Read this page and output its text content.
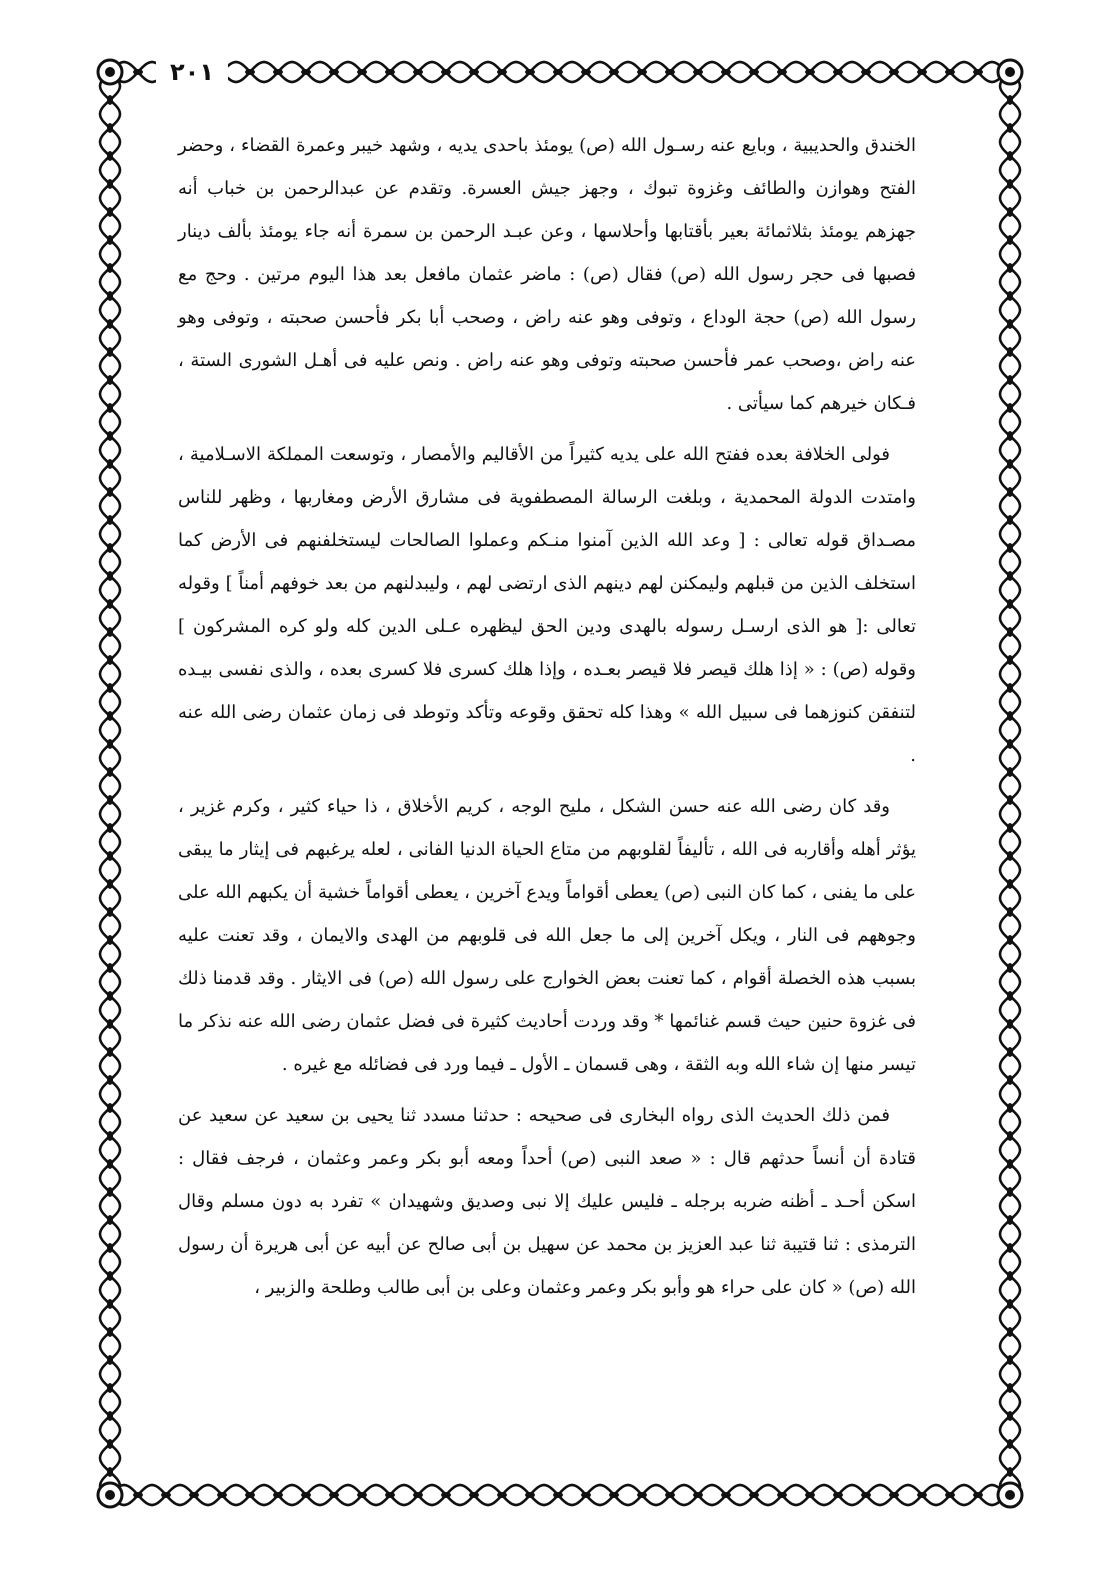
٢٠١

الخندق والحديبية ، وبايع عنه رسـول الله (ص) يومئذ باحدى يديه ، وشهد خيبر وعمرة القضاء ، وحضر الفتح وهوازن والطائف وغزوة تبوك ، وجهز جيش العسرة. وتقدم عن عبدالرحمن بن خباب أنه جهزهم يومئذ بثلاثمائة بعير بأقتابها وأحلاسها ، وعن عبـد الرحمن بن سمرة أنه جاء يومئذ بألف دينار فصبها فى حجر رسول الله (ص) فقال (ص) : ماضر عثمان مافعل بعد هذا اليوم مرتين . وحج مع رسول الله (ص) حجة الوداع ، وتوفى وهو عنه راض ، وصحب أبا بكر فأحسن صحبته ، وتوفى وهو عنه راض ،وصحب عمر فأحسن صحبته وتوفى وهو عنه راض . ونص عليه فى أهـل الشورى الستة ، فـكان خيرهم كما سيأتى .

فولى الخلافة بعده ففتح الله على يديه كثيراً من الأقاليم والأمصار ، وتوسعت المملكة الاسـلامية ، وامتدت الدولة المحمدية ، وبلغت الرسالة المصطفوية فى مشارق الأرض ومغاربها ، وظهر للناس مصـداق قوله تعالى : [ وعد الله الذين آمنوا منـكم وعملوا الصالحات ليستخلفنهم فى الأرض كما استخلف الذين من قبلهم وليمكنن لهم دينهم الذى ارتضى لهم ، وليبدلنهم من بعد خوفهم أمناً ] وقوله تعالى :[ هو الذى ارسـل رسوله بالهدى ودين الحق ليظهره عـلى الدين كله ولو كره المشركون ] وقوله (ص) : « إذا هلك قيصر فلا قيصر بعـده ، وإذا هلك كسرى فلا كسرى بعده ، والذى نفسى بيـده لتنفقن كنوزهما فى سبيل الله » وهذا كله تحقق وقوعه وتأكد وتوطد فى زمان عثمان رضى الله عنه .

وقد كان رضى الله عنه حسن الشكل ، مليح الوجه ، كريم الأخلاق ، ذا حياء كثير ، وكرم غزير ، يؤثر أهله وأقاربه فى الله ، تأليفاً لقلوبهم من متاع الحياة الدنيا الفانى ، لعله يرغبهم فى إيثار ما يبقى على ما يفنى ، كما كان النبى (ص) يعطى أقواماً ويدع آخرين ، يعطى أقواماً خشية أن يكبهم الله على وجوههم فى النار ، ويكل آخرين إلى ما جعل الله فى قلوبهم من الهدى والايمان ، وقد تعنت عليه بسبب هذه الخصلة أقوام ، كما تعنت بعض الخوارج على رسول الله (ص) فى الايثار . وقد قدمنا ذلك فى غزوة حنين حيث قسم غنائمها * وقد وردت أحاديث كثيرة فى فضل عثمان رضى الله عنه نذكر ما تيسر منها إن شاء الله وبه الثقة ، وهى قسمان ـ الأول ـ فيما ورد فى فضائله مع غيره .

فمن ذلك الحديث الذى رواه البخارى فى صحيحه : حدثنا مسدد ثنا يحيى بن سعيد عن سعيد عن قتادة أن أنساً حدثهم قال : « صعد النبى (ص) أحداً ومعه أبو بكر وعمر وعثمان ، فرجف فقال : اسكن أحـد ـ أظنه ضربه برجله ـ فليس عليك إلا نبى وصديق وشهيدان » تفرد به دون مسلم وقال الترمذى : ثنا قتيبة ثنا عبد العزيز بن محمد عن سهيل بن أبى صالح عن أبيه عن أبى هريرة أن رسول الله (ص) « كان على حراء هو وأبو بكر وعمر وعثمان وعلى بن أبى طالب وطلحة والزبير ،
